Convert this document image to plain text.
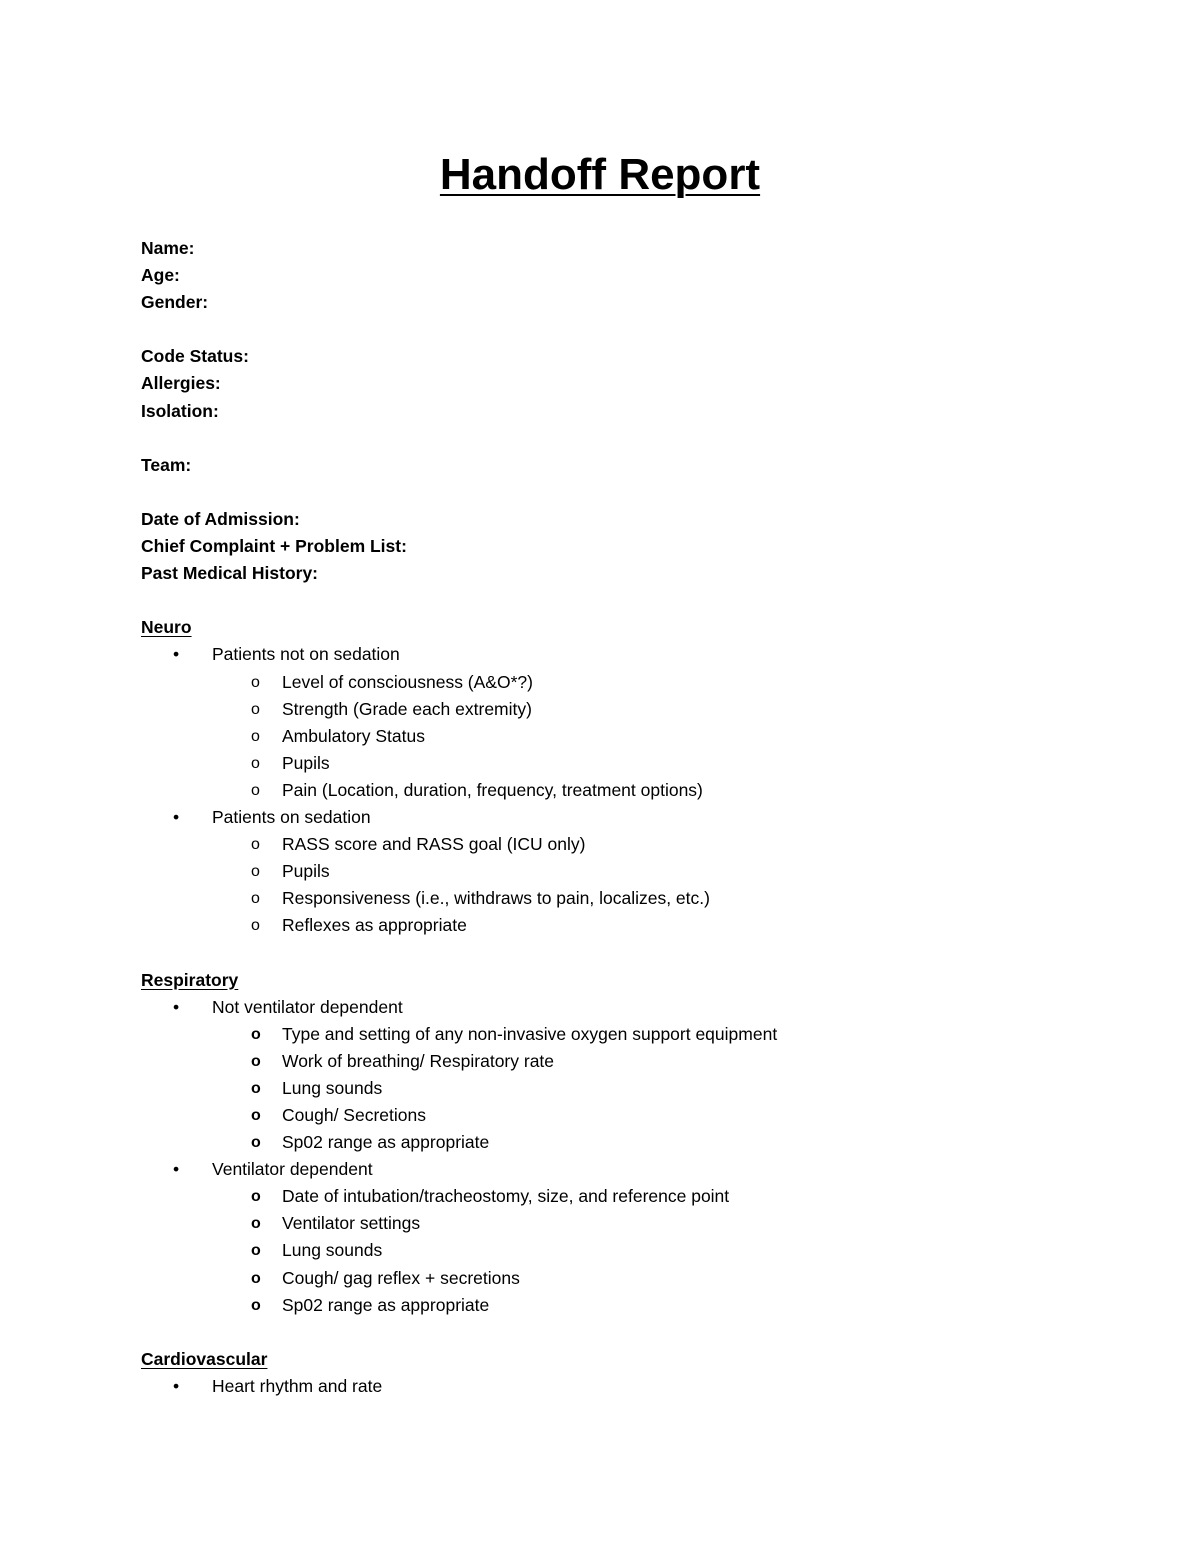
Handoff Report
Name:
Age:
Gender:
Code Status:
Allergies:
Isolation:
Team:
Date of Admission:
Chief Complaint + Problem List:
Past Medical History:
Neuro
• Patients not on sedation
o Level of consciousness (A&O*?)
o Strength (Grade each extremity)
o Ambulatory Status
o Pupils
o Pain (Location, duration, frequency, treatment options)
• Patients on sedation
o RASS score and RASS goal (ICU only)
o Pupils
o Responsiveness (i.e., withdraws to pain, localizes, etc.)
o Reflexes as appropriate
Respiratory
• Not ventilator dependent
o Type and setting of any non-invasive oxygen support equipment
o Work of breathing/ Respiratory rate
o Lung sounds
o Cough/ Secretions
o Sp02 range as appropriate
• Ventilator dependent
o Date of intubation/tracheostomy, size, and reference point
o Ventilator settings
o Lung sounds
o Cough/ gag reflex + secretions
o Sp02 range as appropriate
Cardiovascular
• Heart rhythm and rate
